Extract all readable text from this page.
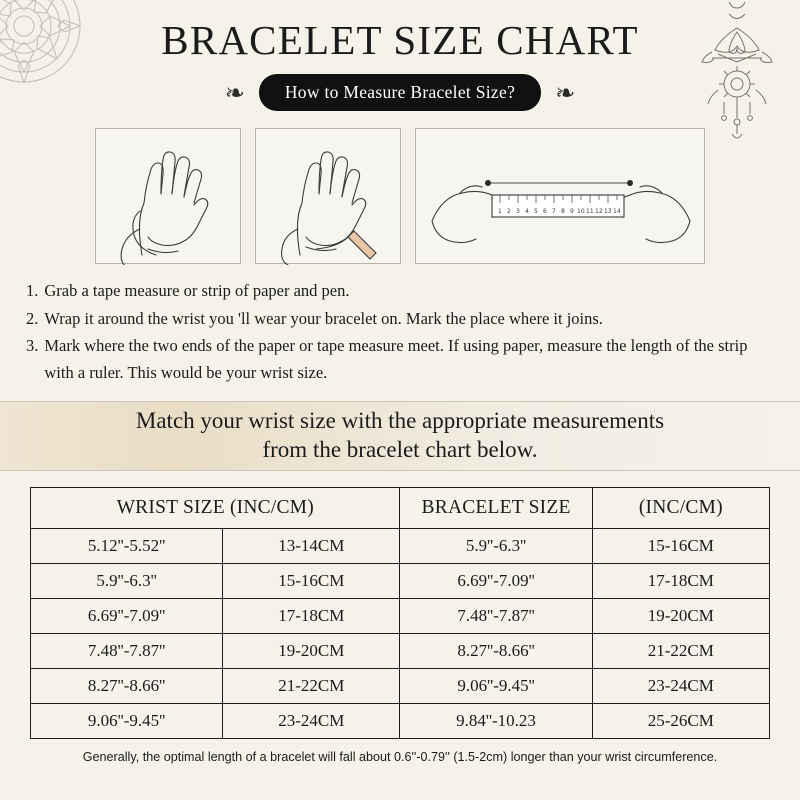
BRACELET SIZE CHART
❧	How to Measure Bracelet Size?	❧
1 2 3 4 5 6 7 8 9 10 11 12 13 14
1. Grab a tape measure or strip of paper and pen.
2. Wrap it around the wrist you 'll wear your bracelet on. Mark the place where it joins.
3. Mark where the two ends of the paper or tape measure meet. If using paper, measure the length of the strip with a ruler. This would be your wrist size.
Match your wrist size with the appropriate measurements
from the bracelet chart below.
WRIST SIZE (INC/CM)		BRACELET SIZE	(INC/CM)
5.12''-5.52''	13-14CM	5.9''-6.3''	15-16CM
5.9''-6.3''	15-16CM	6.69''-7.09''	17-18CM
6.69''-7.09''	17-18CM	7.48''-7.87''	19-20CM
7.48''-7.87''	19-20CM	8.27''-8.66''	21-22CM
8.27''-8.66''	21-22CM	9.06''-9.45''	23-24CM
9.06''-9.45''	23-24CM	9.84''-10.23	25-26CM
Generally, the optimal length of a bracelet will fall about 0.6''-0.79'' (1.5-2cm) longer than your wrist circumference.
